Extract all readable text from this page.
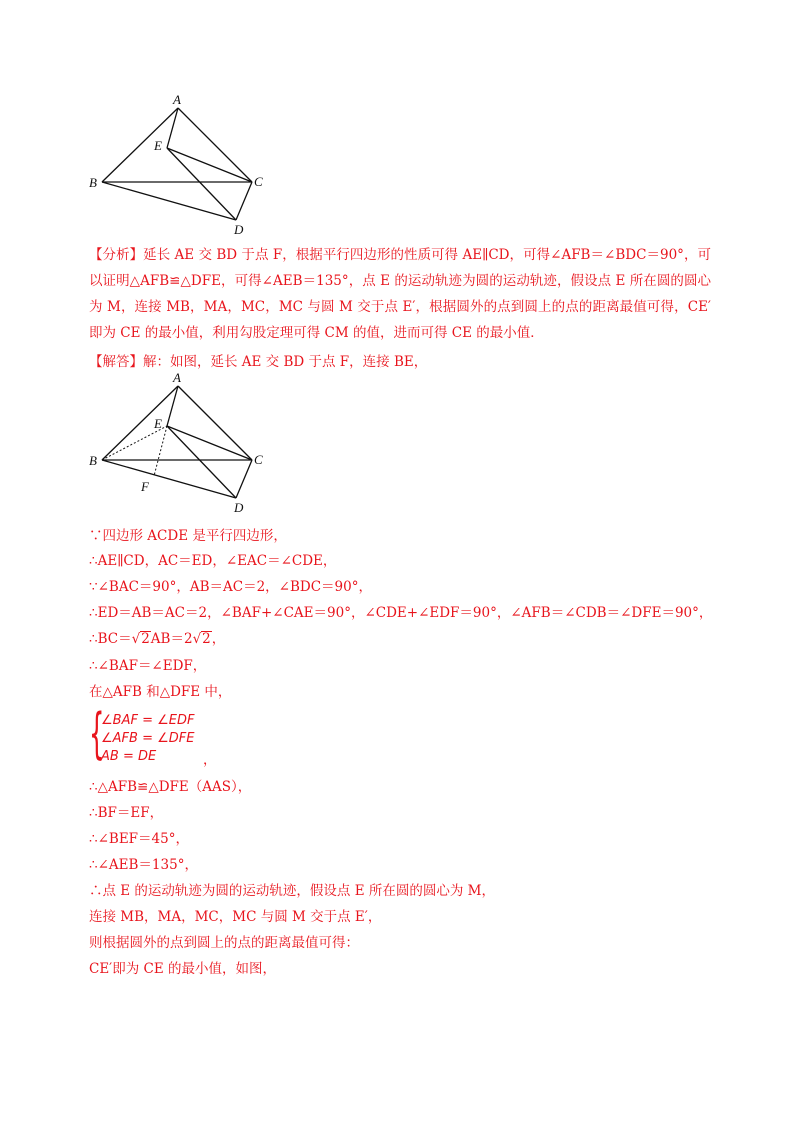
A
B	C
D
E
【分析】延长 AE 交 BD 于点 F，根据平行四边形的性质可得 AE∥CD，可得∠AFB＝∠BDC＝90°，可以证明△AFB≌△DFE，可得∠AEB＝135°，点 E 的运动轨迹为圆的运动轨迹，假设点 E 所在圆的圆心为 M，连接 MB，MA，MC，MC 与圆 M 交于点 E′，根据圆外的点到圆上的点的距离最值可得，CE′即为 CE 的最小值，利用勾股定理可得 CM 的值，进而可得 CE 的最小值．
【解答】解：如图，延长 AE 交 BD 于点 F，连接 BE，
A
B	C
D
E
F
∵四边形 ACDE 是平行四边形，
∴AE∥CD，AC＝ED，∠EAC＝∠CDE，
∵∠BAC＝90°，AB＝AC＝2，∠BDC＝90°，
∴ED＝AB＝AC＝2，∠BAF+∠CAE＝90°，∠CDE+∠EDF＝90°，∠AFB＝∠CDB＝∠DFE＝90°，
∴BC＝√2AB＝2√2，
∴∠BAF＝∠EDF，
在△AFB 和△DFE 中，
{
∠BAF = ∠EDF
∠AFB = ∠DFE
AB = DE	，
∴△AFB≌△DFE（AAS），
∴BF＝EF，
∴∠BEF＝45°，
∴∠AEB＝135°，
∴点 E 的运动轨迹为圆的运动轨迹，假设点 E 所在圆的圆心为 M，
连接 MB，MA，MC，MC 与圆 M 交于点 E′，
则根据圆外的点到圆上的点的距离最值可得：
CE′即为 CE 的最小值，如图，
